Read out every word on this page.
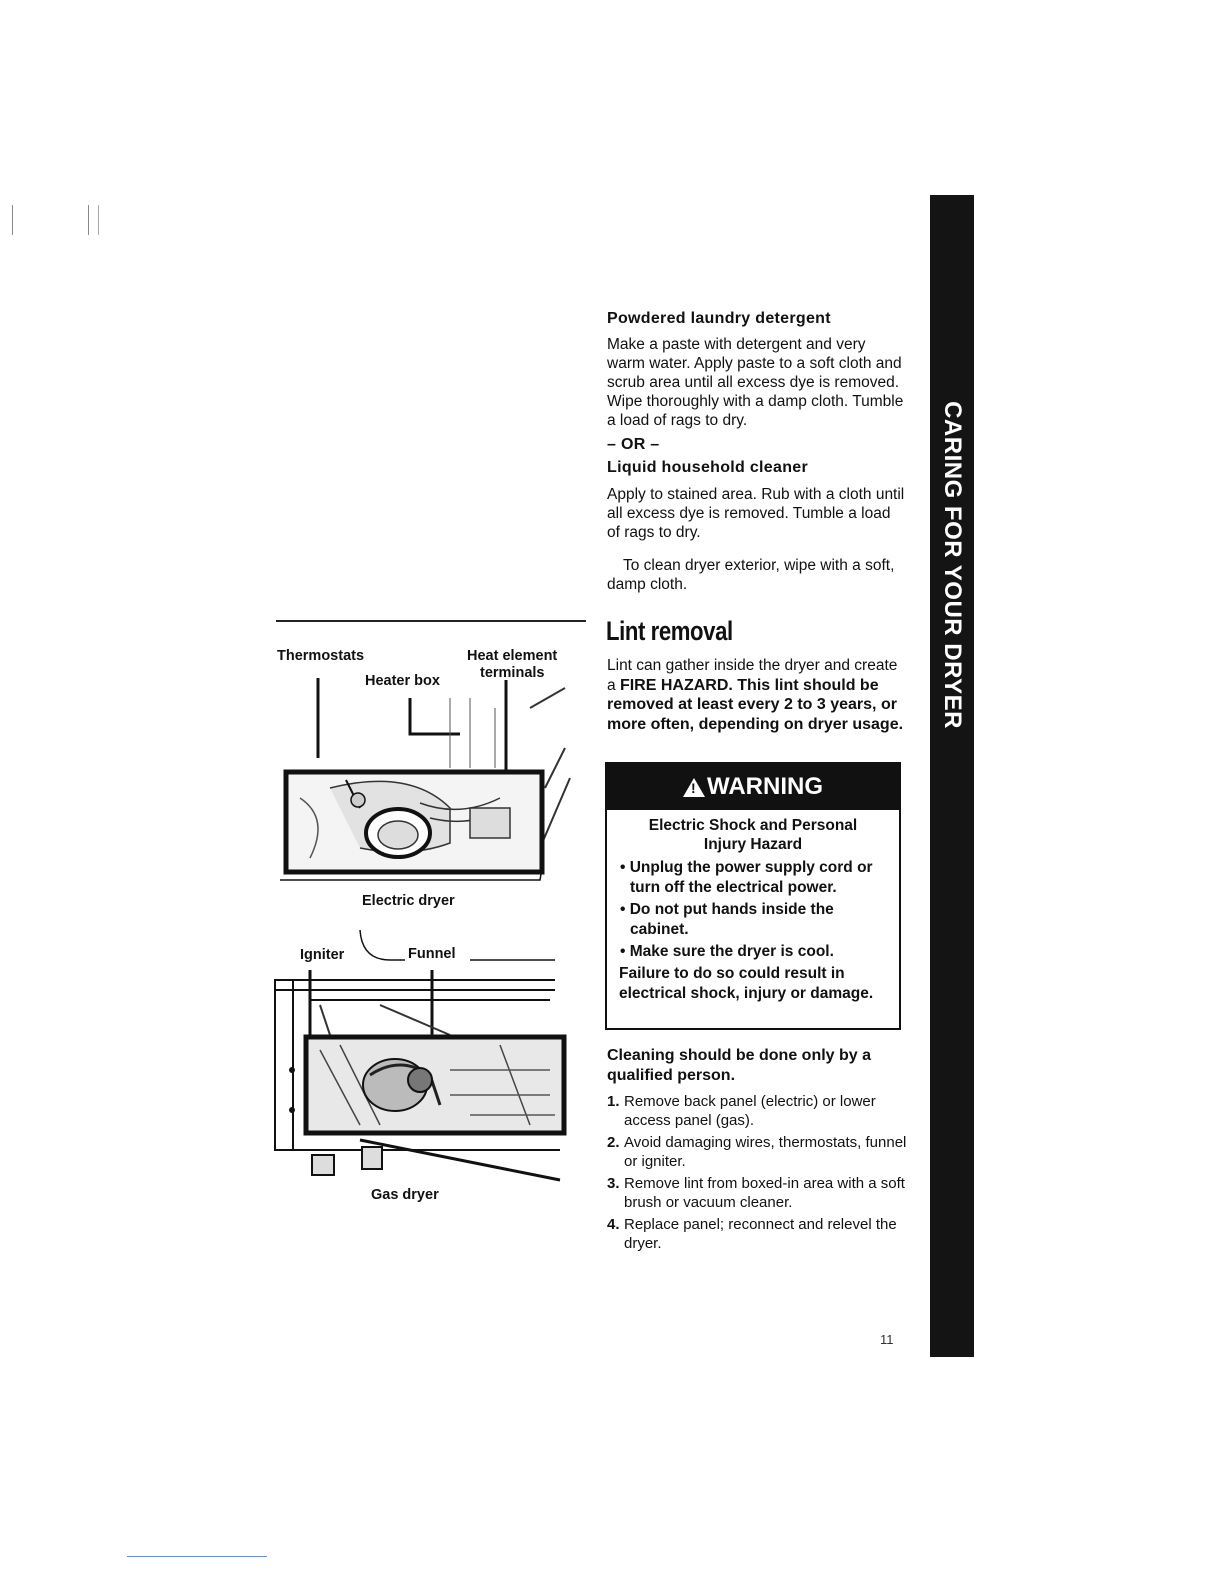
CARING FOR YOUR DRYER
Powdered laundry detergent
Make a paste with detergent and very warm water. Apply paste to a soft cloth and scrub area until all excess dye is removed. Wipe thoroughly with a damp cloth. Tumble a load of rags to dry.
– OR –
Liquid household cleaner
Apply to stained area. Rub with a cloth until all excess dye is removed. Tumble a load of rags to dry.
To clean dryer exterior, wipe with a soft, damp cloth.
Lint removal
Lint can gather inside the dryer and create a FIRE HAZARD. This lint should be removed at least every 2 to 3 years, or more often, depending on dryer usage.
!
WARNING
Electric Shock and Personal Injury Hazard
• Unplug the power supply cord or turn off the electrical power.
• Do not put hands inside the cabinet.
• Make sure the dryer is cool.
Failure to do so could result in electrical shock, injury or damage.
Cleaning should be done only by a qualified person.
1. Remove back panel (electric) or lower access panel (gas).
2. Avoid damaging wires, thermostats, funnel or igniter.
3. Remove lint from boxed-in area with a soft brush or vacuum cleaner.
4. Replace panel; reconnect and relevel the dryer.
Thermostats
Heater box
Heat element
terminals
Electric dryer
Igniter	Funnel
Gas dryer
11
